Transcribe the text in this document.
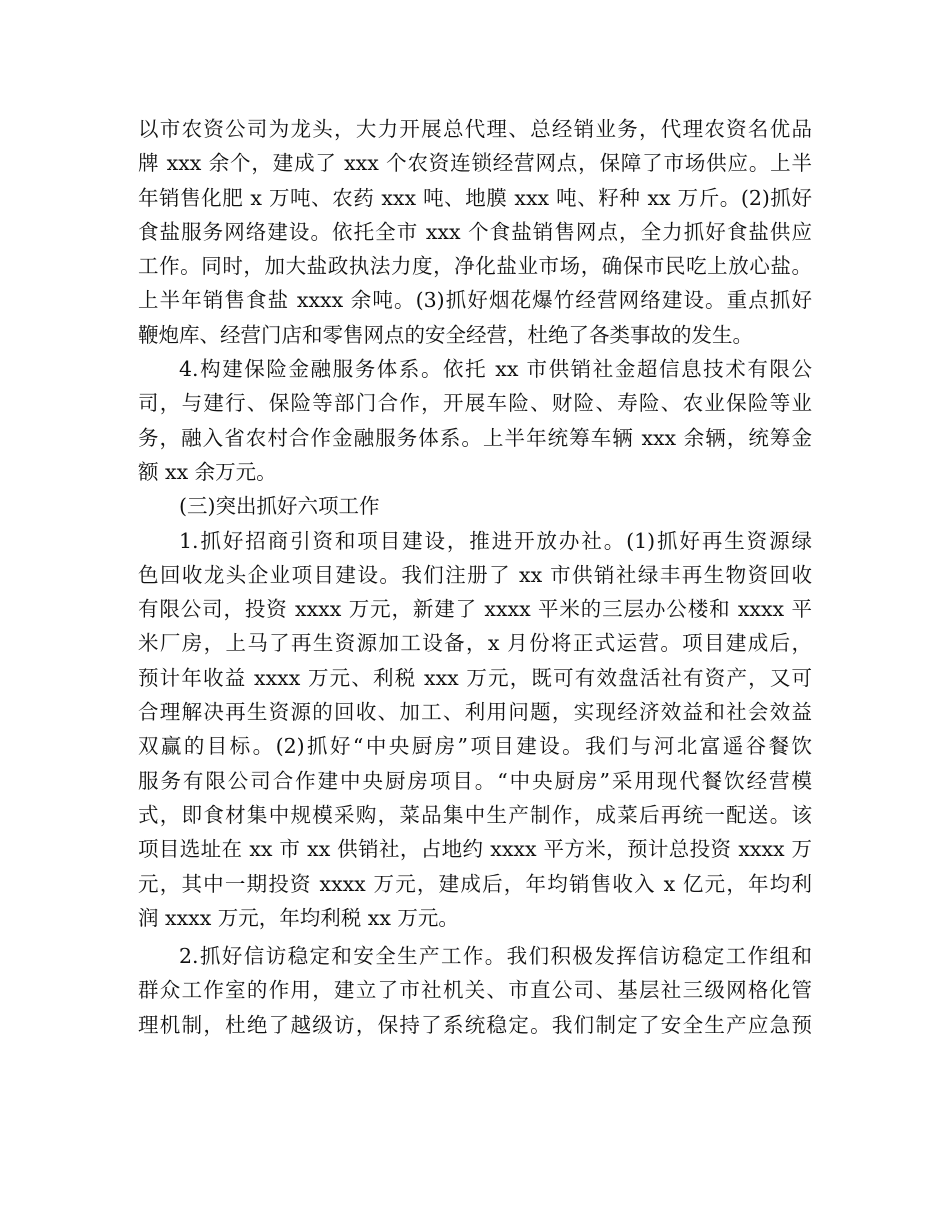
以市农资公司为龙头，大力开展总代理、总经销业务，代理农资名优品
牌 xxx 余个，建成了 xxx 个农资连锁经营网点，保障了市场供应。上半
年销售化肥 x 万吨、农药 xxx 吨、地膜 xxx 吨、籽种 xx 万斤。(2)抓好
食盐服务网络建设。依托全市 xxx 个食盐销售网点，全力抓好食盐供应
工作。同时，加大盐政执法力度，净化盐业市场，确保市民吃上放心盐。
上半年销售食盐 xxxx 余吨。(3)抓好烟花爆竹经营网络建设。重点抓好
鞭炮库、经营门店和零售网点的安全经营，杜绝了各类事故的发生。
4.构建保险金融服务体系。依托 xx 市供销社金超信息技术有限公
司，与建行、保险等部门合作，开展车险、财险、寿险、农业保险等业
务，融入省农村合作金融服务体系。上半年统筹车辆 xxx 余辆，统筹金
额 xx 余万元。
(三)突出抓好六项工作
1.抓好招商引资和项目建设，推进开放办社。(1)抓好再生资源绿
色回收龙头企业项目建设。我们注册了 xx 市供销社绿丰再生物资回收
有限公司，投资 xxxx 万元，新建了 xxxx 平米的三层办公楼和 xxxx 平
米厂房，上马了再生资源加工设备，x 月份将正式运营。项目建成后，
预计年收益 xxxx 万元、利税 xxx 万元，既可有效盘活社有资产，又可
合理解决再生资源的回收、加工、利用问题，实现经济效益和社会效益
双赢的目标。(2)抓好“中央厨房”项目建设。我们与河北富遥谷餐饮
服务有限公司合作建中央厨房项目。“中央厨房”采用现代餐饮经营模
式，即食材集中规模采购，菜品集中生产制作，成菜后再统一配送。该
项目选址在 xx 市 xx 供销社，占地约 xxxx 平方米，预计总投资 xxxx 万
元，其中一期投资 xxxx 万元，建成后，年均销售收入 x 亿元，年均利
润 xxxx 万元，年均利税 xx 万元。
2.抓好信访稳定和安全生产工作。我们积极发挥信访稳定工作组和
群众工作室的作用，建立了市社机关、市直公司、基层社三级网格化管
理机制，杜绝了越级访，保持了系统稳定。我们制定了安全生产应急预
